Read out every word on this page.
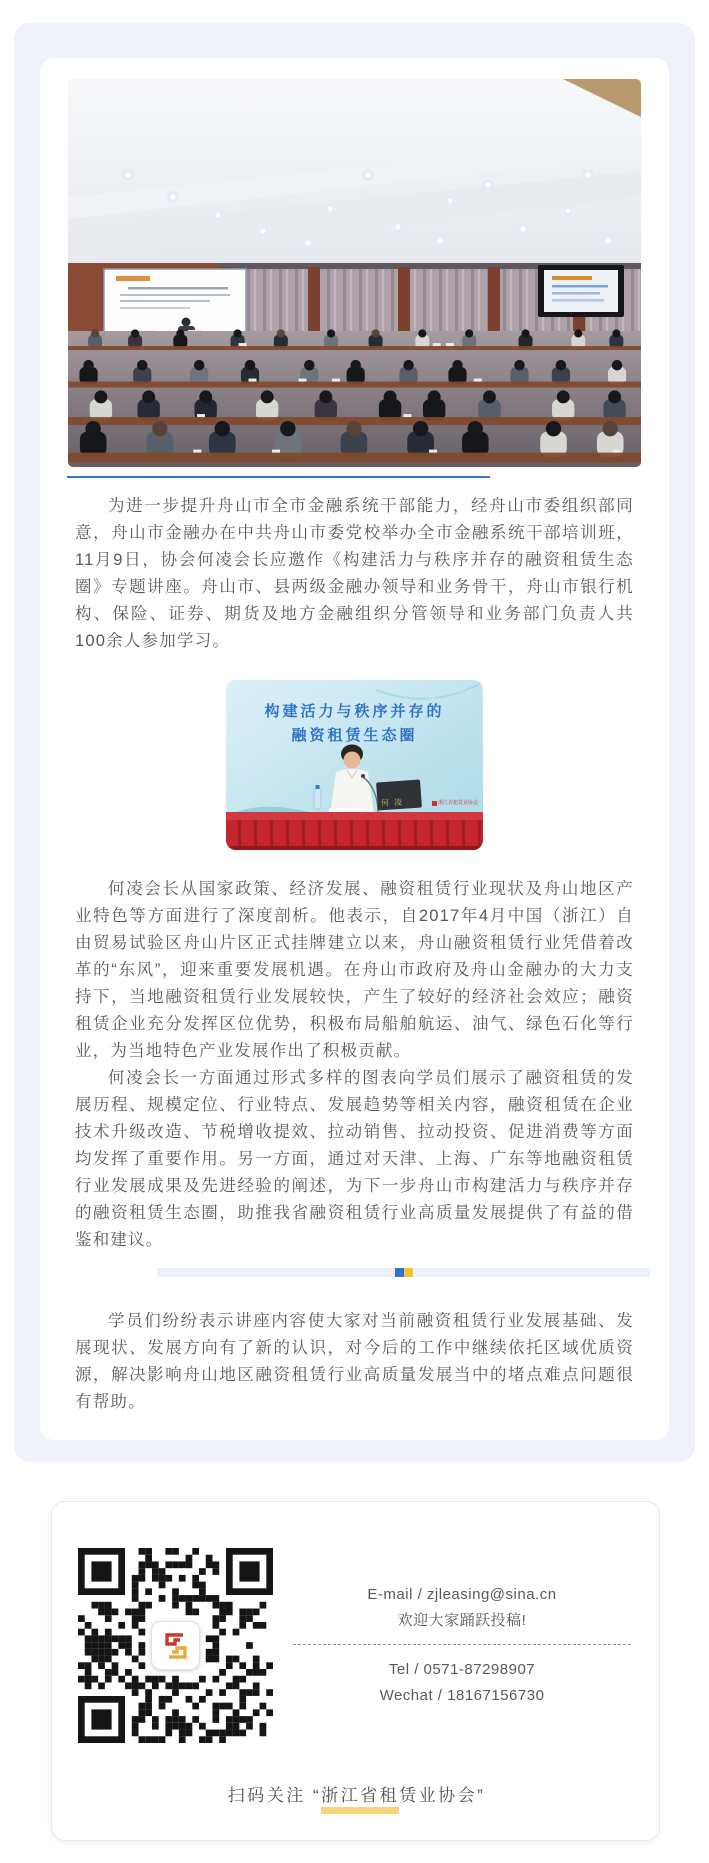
为进一步提升舟山市全市金融系统干部能力，经舟山市委组织部同意，舟山市金融办在中共舟山市委党校举办全市金融系统干部培训班，11月9日，协会何凌会长应邀作《构建活力与秩序并存的融资租赁生态圈》专题讲座。舟山市、县两级金融办领导和业务骨干，舟山市银行机构、保险、证券、期货及地方金融组织分管领导和业务部门负责人共100余人参加学习。

构建活力与秩序并存的
融资租赁生态圈
何凌	浙江省租赁业协会

何凌会长从国家政策、经济发展、融资租赁行业现状及舟山地区产业特色等方面进行了深度剖析。他表示，自2017年4月中国（浙江）自由贸易试验区舟山片区正式挂牌建立以来，舟山融资租赁行业凭借着改革的“东风”，迎来重要发展机遇。在舟山市政府及舟山金融办的大力支持下，当地融资租赁行业发展较快，产生了较好的经济社会效应；融资租赁企业充分发挥区位优势，积极布局船舶航运、油气、绿色石化等行业，为当地特色产业发展作出了积极贡献。

何凌会长一方面通过形式多样的图表向学员们展示了融资租赁的发展历程、规模定位、行业特点、发展趋势等相关内容，融资租赁在企业技术升级改造、节税增收提效、拉动销售、拉动投资、促进消费等方面均发挥了重要作用。另一方面，通过对天津、上海、广东等地融资租赁行业发展成果及先进经验的阐述，为下一步舟山市构建活力与秩序并存的融资租赁生态圈，助推我省融资租赁行业高质量发展提供了有益的借鉴和建议。

学员们纷纷表示讲座内容使大家对当前融资租赁行业发展基础、发展现状、发展方向有了新的认识，对今后的工作中继续依托区域优质资源，解决影响舟山地区融资租赁行业高质量发展当中的堵点难点问题很有帮助。

E-mail / zjleasing@sina.cn
欢迎大家踊跃投稿!
Tel / 0571-87298907
Wechat / 18167156730
扫码关注 “浙江省租赁业协会”
